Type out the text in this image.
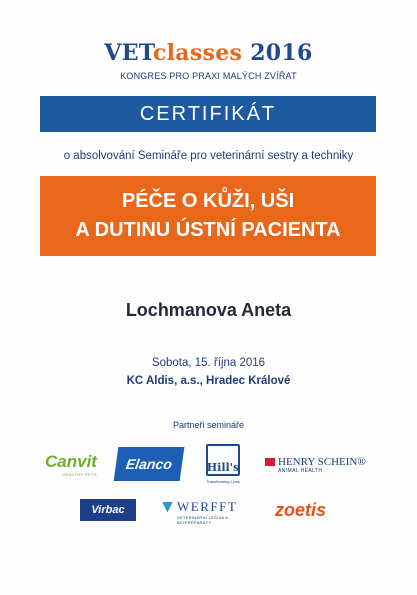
VETclasses 2016
KONGRES PRO PRAXI MALÝCH ZVÍŘAT
CERTIFIKÁT
o absolvování Semináře pro veterinární sestry a techniky
PÉČE O KŮŽI, UŠI
A DUTINU ÚSTNÍ PACIENTA
Lochmanova Aneta
Sobota, 15. října 2016
KC Aldis, a.s., Hradec Králové
Partneři semináře
Canvit
HEALTHY PETS
Elanco	Hill's
Transforming Lives
HENRY SCHEIN®
ANIMAL HEALTH
Virbac	WERFFT
VETERINÁRNÍ LÉČIVA A BIOPREPARÁTY
zoetis
